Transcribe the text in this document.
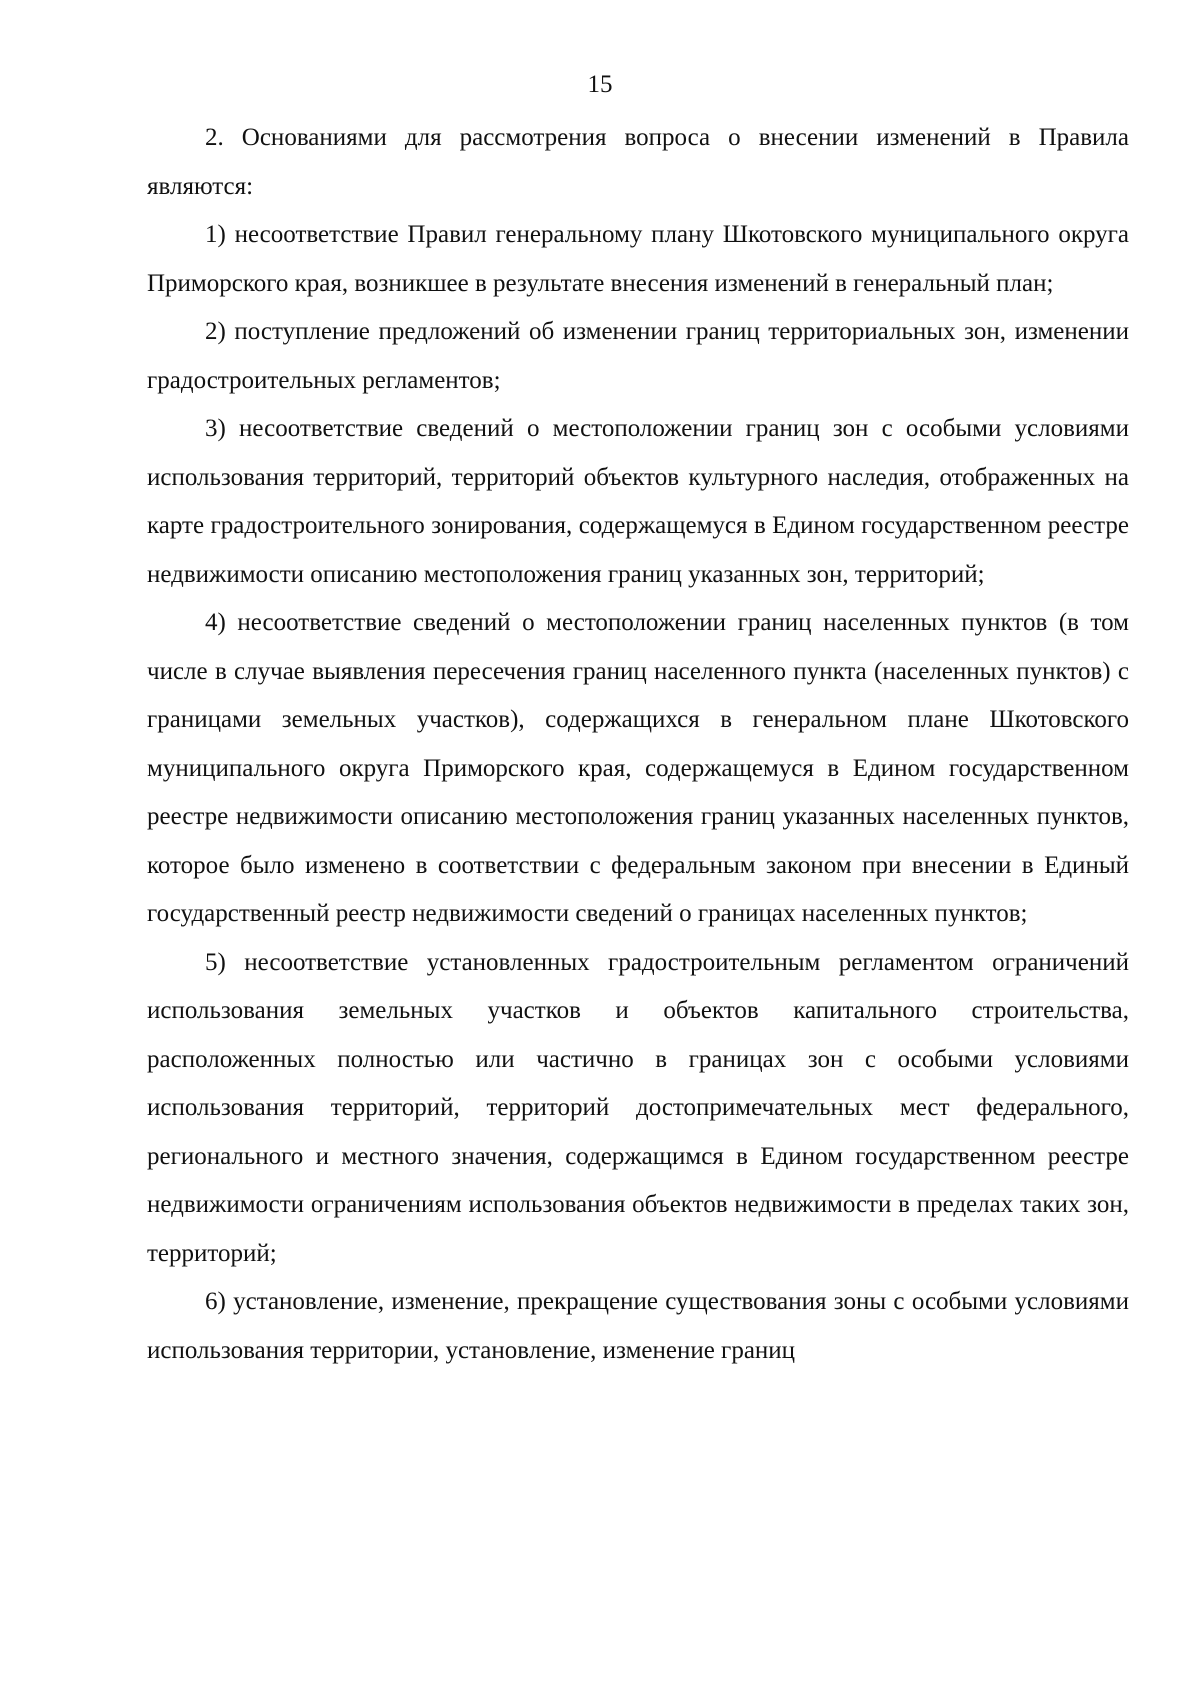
15

2. Основаниями для рассмотрения вопроса о внесении изменений в Правила являются:

1) несоответствие Правил генеральному плану Шкотовского муниципального округа Приморского края, возникшее в результате внесения изменений в генеральный план;

2) поступление предложений об изменении границ территориальных зон, изменении градостроительных регламентов;

3) несоответствие сведений о местоположении границ зон с особыми условиями использования территорий, территорий объектов культурного наследия, отображенных на карте градостроительного зонирования, содержащемуся в Едином государственном реестре недвижимости описанию местоположения границ указанных зон, территорий;

4) несоответствие сведений о местоположении границ населенных пунктов (в том числе в случае выявления пересечения границ населенного пункта (населенных пунктов) с границами земельных участков), содержащихся в генеральном плане Шкотовского муниципального округа Приморского края, содержащемуся в Едином государственном реестре недвижимости описанию местоположения границ указанных населенных пунктов, которое было изменено в соответствии с федеральным законом при внесении в Единый государственный реестр недвижимости сведений о границах населенных пунктов;

5) несоответствие установленных градостроительным регламентом ограничений использования земельных участков и объектов капитального строительства, расположенных полностью или частично в границах зон с особыми условиями использования территорий, территорий достопримечательных мест федерального, регионального и местного значения, содержащимся в Едином государственном реестре недвижимости ограничениям использования объектов недвижимости в пределах таких зон, территорий;

6) установление, изменение, прекращение существования зоны с особыми условиями использования территории, установление, изменение границ
